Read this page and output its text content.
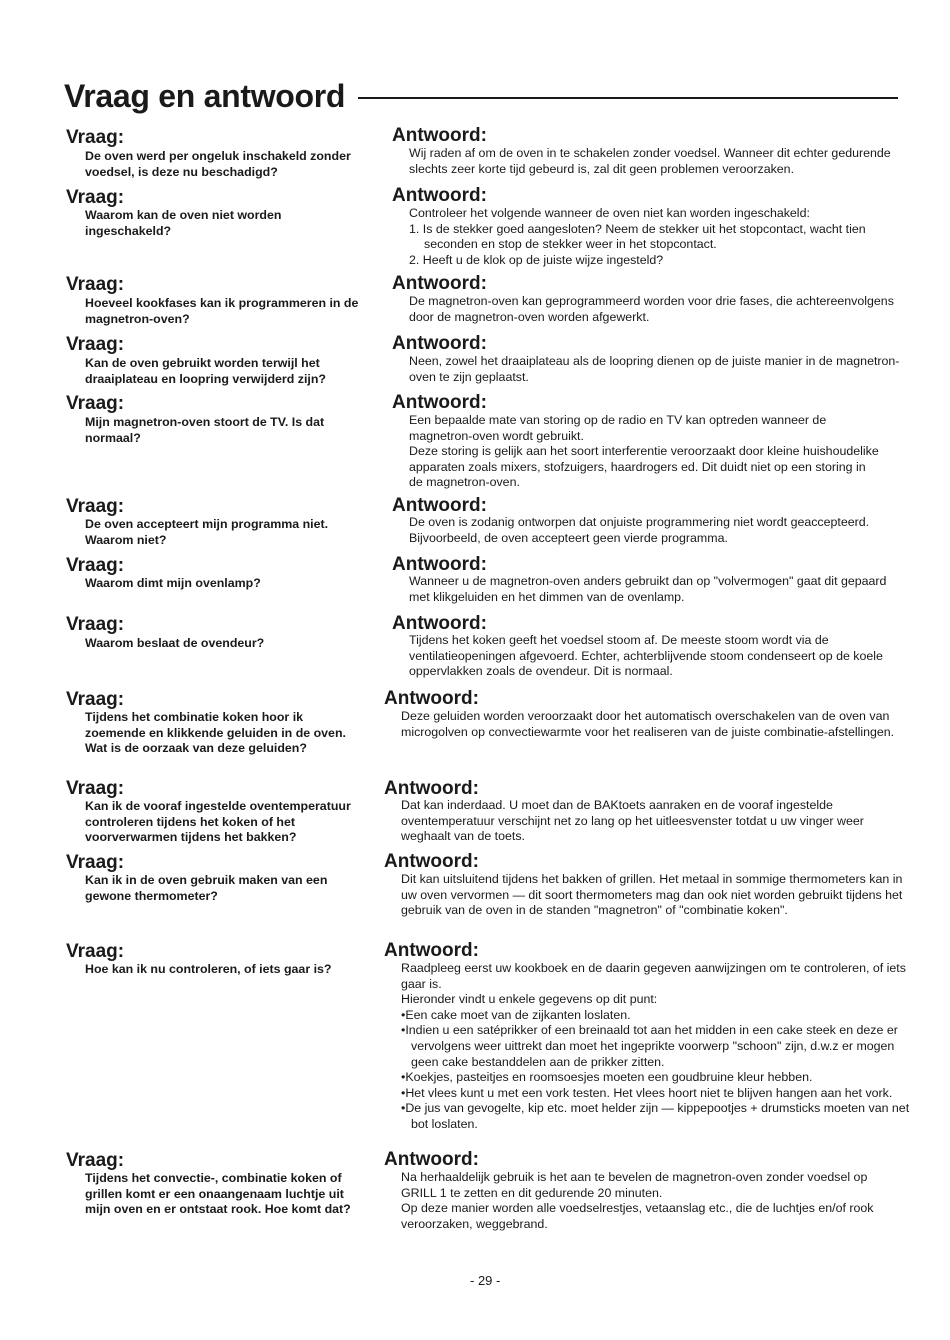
Vraag en antwoord
Vraag:
De oven werd per ongeluk inschakeld zonder voedsel, is deze nu beschadigd?
Antwoord:

Wij raden af om de oven in te schakelen zonder voedsel. Wanneer dit echter gedurende slechts zeer korte tijd gebeurd is, zal dit geen problemen veroorzaken.

Vraag:
Waarom kan de oven niet worden ingeschakeld?
Antwoord:

Controleer het volgende wanneer de oven niet kan worden ingeschakeld:

1. Is de stekker goed aangesloten? Neem de stekker uit het stopcontact, wacht tien seconden en stop de stekker weer in het stopcontact.

2. Heeft u de klok op de juiste wijze ingesteld?

Vraag:
Hoeveel kookfases kan ik programmeren in de magnetron-oven?
Antwoord:

De magnetron-oven kan geprogrammeerd worden voor drie fases, die achtereenvolgens door de magnetron-oven worden afgewerkt.

Vraag:
Kan de oven gebruikt worden terwijl het draaiplateau en loopring verwijderd zijn?
Antwoord:

Neen, zowel het draaiplateau als de loopring dienen op de juiste manier in de magnetron-oven te zijn geplaatst.

Vraag:
Mijn magnetron-oven stoort de TV. Is dat normaal?
Antwoord:

Een bepaalde mate van storing op de radio en TV kan optreden wanneer de magnetron-oven wordt gebruikt.

Deze storing is gelijk aan het soort interferentie veroorzaakt door kleine huishoudelike apparaten zoals mixers, stofzuigers, haardrogers ed. Dit duidt niet op een storing in de magnetron-oven.

Vraag:
De oven accepteert mijn programma niet. Waarom niet?
Antwoord:

De oven is zodanig ontworpen dat onjuiste programmering niet wordt geaccepteerd. Bijvoorbeeld, de oven accepteert geen vierde programma.

Vraag:
Waarom dimt mijn ovenlamp?
Antwoord:

Wanneer u de magnetron-oven anders gebruikt dan op "volvermogen" gaat dit gepaard met klikgeluiden en het dimmen van de ovenlamp.

Vraag:
Waarom beslaat de ovendeur?
Antwoord:

Tijdens het koken geeft het voedsel stoom af. De meeste stoom wordt via de ventilatieopeningen afgevoerd. Echter, achterblijvende stoom condenseert op de koele oppervlakken zoals de ovendeur. Dit is normaal.

Vraag:
Tijdens het combinatie koken hoor ik zoemende en klikkende geluiden in de oven. Wat is de oorzaak van deze geluiden?
Antwoord:

Deze geluiden worden veroorzaakt door het automatisch overschakelen van de oven van microgolven op convectiewarmte voor het realiseren van de juiste combinatie-afstellingen.

Vraag:
Kan ik de vooraf ingestelde oventemperatuur controleren tijdens het koken of het voorverwarmen tijdens het bakken?
Antwoord:

Dat kan inderdaad. U moet dan de BAKtoets aanraken en de vooraf ingestelde oventemperatuur verschijnt net zo lang op het uitleesvenster totdat u uw vinger weer weghaalt van de toets.

Vraag:
Kan ik in de oven gebruik maken van een gewone thermometer?
Antwoord:

Dit kan uitsluitend tijdens het bakken of grillen. Het metaal in sommige thermometers kan in uw oven vervormen — dit soort thermometers mag dan ook niet worden gebruikt tijdens het gebruik van de oven in de standen "magnetron" of "combinatie koken".

Vraag:
Hoe kan ik nu controleren, of iets gaar is?
Antwoord:

Raadpleeg eerst uw kookboek en de daarin gegeven aanwijzingen om te controleren, of iets gaar is.

Hieronder vindt u enkele gegevens op dit punt:

•Een cake moet van de zijkanten loslaten.

•Indien u een satéprikker of een breinaald tot aan het midden in een cake steek en deze er vervolgens weer uittrekt dan moet het ingeprikte voorwerp "schoon" zijn, d.w.z er mogen geen cake bestanddelen aan de prikker zitten.

•Koekjes, pasteitjes en roomsoesjes moeten een goudbruine kleur hebben.

•Het vlees kunt u met een vork testen. Het vlees hoort niet te blijven hangen aan het vork.

•De jus van gevogelte, kip etc. moet helder zijn — kippepootjes + drumsticks moeten van net bot loslaten.

Vraag:
Tijdens het convectie-, combinatie koken of grillen komt er een onaangenaam luchtje uit mijn oven en er ontstaat rook. Hoe komt dat?
Antwoord:

Na herhaaldelijk gebruik is het aan te bevelen de magnetron-oven zonder voedsel op GRILL 1 te zetten en dit gedurende 20 minuten.

Op deze manier worden alle voedselrestjes, vetaanslag etc., die de luchtjes en/of rook veroorzaken, weggebrand.

- 29 -
